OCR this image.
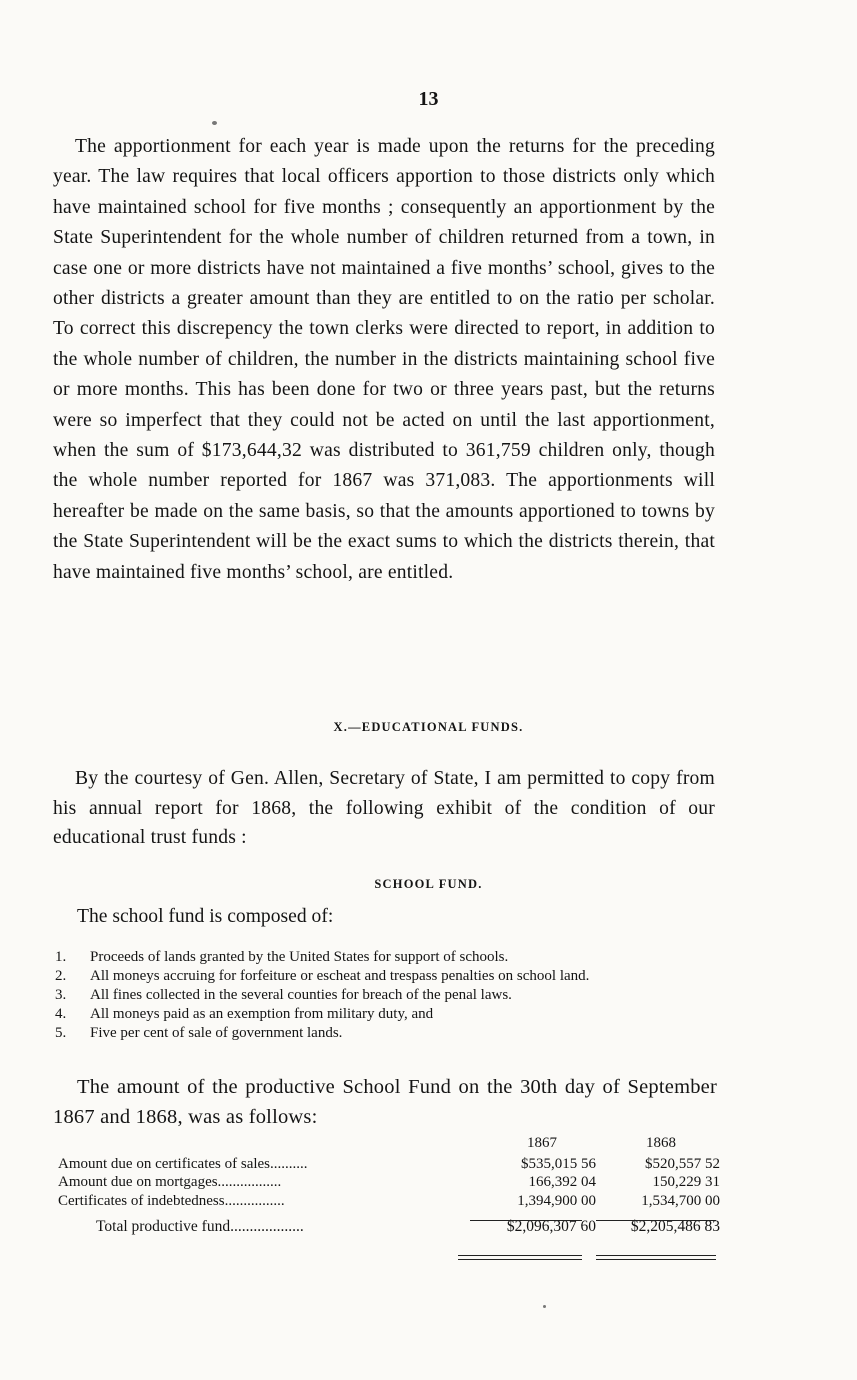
13

The apportionment for each year is made upon the returns for the preceding year. The law requires that local officers apportion to those districts only which have maintained school for five months ; consequently an apportionment by the State Superintendent for the whole number of children returned from a town, in case one or more districts have not maintained a five months’ school, gives to the other districts a greater amount than they are entitled to on the ratio per scholar. To correct this discrepency the town clerks were directed to report, in addition to the whole number of children, the number in the districts maintaining school five or more months. This has been done for two or three years past, but the returns were so imperfect that they could not be acted on until the last apportionment, when the sum of $173,644,32 was distributed to 361,759 children only, though the whole number reported for 1867 was 371,083. The apportionments will hereafter be made on the same basis, so that the amounts apportioned to towns by the State Superintendent will be the exact sums to which the districts therein, that have maintained five months’ school, are entitled.

X.—EDUCATIONAL FUNDS.

By the courtesy of Gen. Allen, Secretary of State, I am permitted to copy from his annual report for 1868, the following exhibit of the condition of our educational trust funds :

SCHOOL FUND.
The school fund is composed of:
1. Proceeds of lands granted by the United States for support of schools.
2. All moneys accruing for forfeiture or escheat and trespass penalties on school land.
3. All fines collected in the several counties for breach of the penal laws.
4. All moneys paid as an exemption from military duty, and
5. Five per cent of sale of government lands.

The amount of the productive School Fund on the 30th day of September 1867 and 1868, was as follows:

	1867	1868
Amount due on certificates of sales..........	$535,015 56	$520,557 52
Amount due on mortgages.................	166,392 04	150,229 31
Certificates of indebtedness................	1,394,900 00	1,534,700 00
Total productive fund...................	$2,096,307 60	$2,205,486 83
